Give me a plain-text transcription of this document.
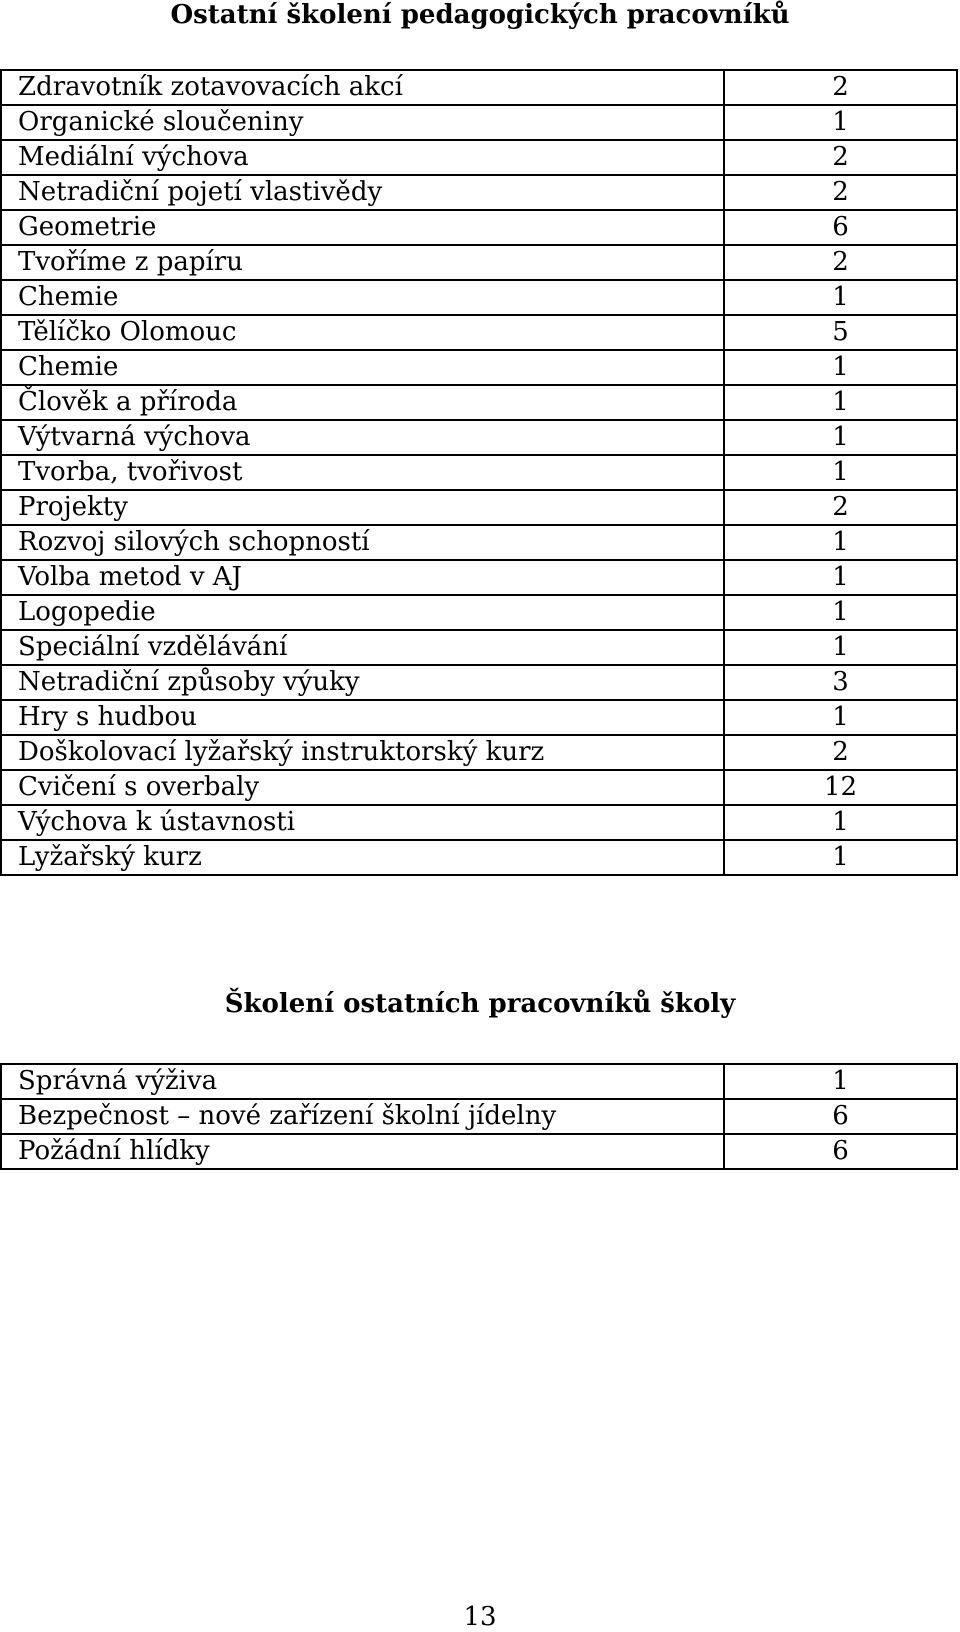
Ostatní školení pedagogických pracovníků
Zdravotník zotavovacích akcí	2
Organické sloučeniny	1
Mediální výchova	2
Netradiční pojetí vlastivědy	2
Geometrie	6
Tvoříme z papíru	2
Chemie	1
Tělíčko Olomouc	5
Chemie	1
Člověk a příroda	1
Výtvarná výchova	1
Tvorba, tvořivost	1
Projekty	2
Rozvoj silových schopností	1
Volba metod v AJ	1
Logopedie	1
Speciální vzdělávání	1
Netradiční způsoby výuky	3
Hry s hudbou	1
Doškolovací lyžařský instruktorský kurz	2
Cvičení s overbaly	12
Výchova k ústavnosti	1
Lyžařský kurz	1
Školení ostatních pracovníků školy
Správná výživa	1
Bezpečnost – nové zařízení školní jídelny	6
Požádní hlídky	6
13
